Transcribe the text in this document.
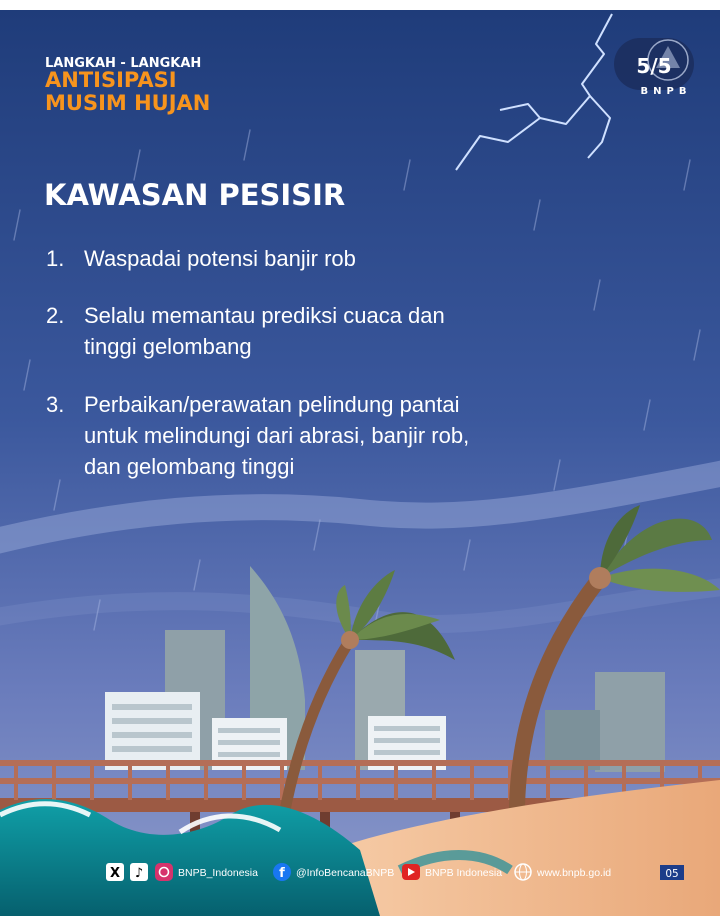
LANGKAH - LANGKAH
ANTISIPASI
MUSIM HUJAN
5/5
BNPB
KAWASAN PESISIR
1. Waspadai potensi banjir rob
2. Selalu memantau prediksi cuaca dan
tinggi gelombang
3. Perbaikan/perawatan pelindung pantai
untuk melindungi dari abrasi, banjir rob,
dan gelombang tinggi
X ♪	BNPB_Indonesia f @InfoBencanaBNPB	BNPB Indonesia	www.bnpb.go.id	05
